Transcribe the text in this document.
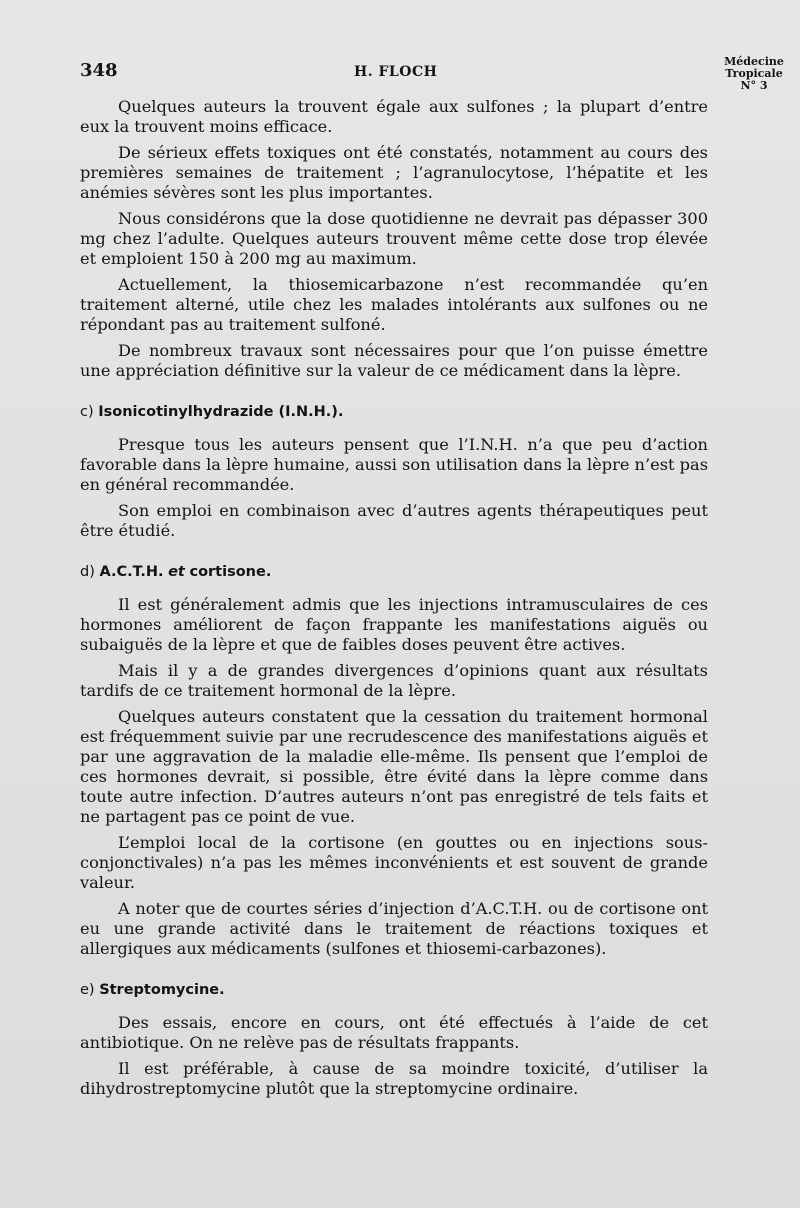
348	H. FLOCH
Médecine
Tropicale
N° 3

Quelques auteurs la trouvent égale aux sulfones ; la plupart d’entre eux la trouvent moins efficace.

De sérieux effets toxiques ont été constatés, notamment au cours des premières semaines de traitement ; l’agranulocytose, l’hépatite et les anémies sévères sont les plus importantes.

Nous considérons que la dose quotidienne ne devrait pas dépasser 300 mg chez l’adulte. Quelques auteurs trouvent même cette dose trop élevée et emploient 150 à 200 mg au maximum.

Actuellement, la thiosemicarbazone n’est recommandée qu’en traitement alterné, utile chez les malades intolérants aux sulfones ou ne répondant pas au traitement sulfoné.

De nombreux travaux sont nécessaires pour que l’on puisse émettre une appréciation définitive sur la valeur de ce médicament dans la lèpre.

c) Isonicotinylhydrazide (I.N.H.).

Presque tous les auteurs pensent que l’I.N.H. n’a que peu d’action favorable dans la lèpre humaine, aussi son utilisation dans la lèpre n’est pas en général recommandée.

Son emploi en combinaison avec d’autres agents thérapeutiques peut être étudié.

d) A.C.T.H. et cortisone.

Il est généralement admis que les injections intramusculaires de ces hormones améliorent de façon frappante les manifestations aiguës ou subaiguës de la lèpre et que de faibles doses peuvent être actives.

Mais il y a de grandes divergences d’opinions quant aux résultats tardifs de ce traitement hormonal de la lèpre.

Quelques auteurs constatent que la cessation du traitement hormonal est fréquemment suivie par une recrudescence des manifestations aiguës et par une aggravation de la maladie elle-même. Ils pensent que l’emploi de ces hormones devrait, si possible, être évité dans la lèpre comme dans toute autre infection. D’autres auteurs n’ont pas enregistré de tels faits et ne partagent pas ce point de vue.

L’emploi local de la cortisone (en gouttes ou en injections sous-conjonctivales) n’a pas les mêmes inconvénients et est souvent de grande valeur.

A noter que de courtes séries d’injection d’A.C.T.H. ou de cortisone ont eu une grande activité dans le traitement de réactions toxiques et allergiques aux médicaments (sulfones et thiosemi-carbazones).

e) Streptomycine.

Des essais, encore en cours, ont été effectués à l’aide de cet antibiotique. On ne relève pas de résultats frappants.

Il est préférable, à cause de sa moindre toxicité, d’utiliser la dihydrostreptomycine plutôt que la streptomycine ordinaire.
